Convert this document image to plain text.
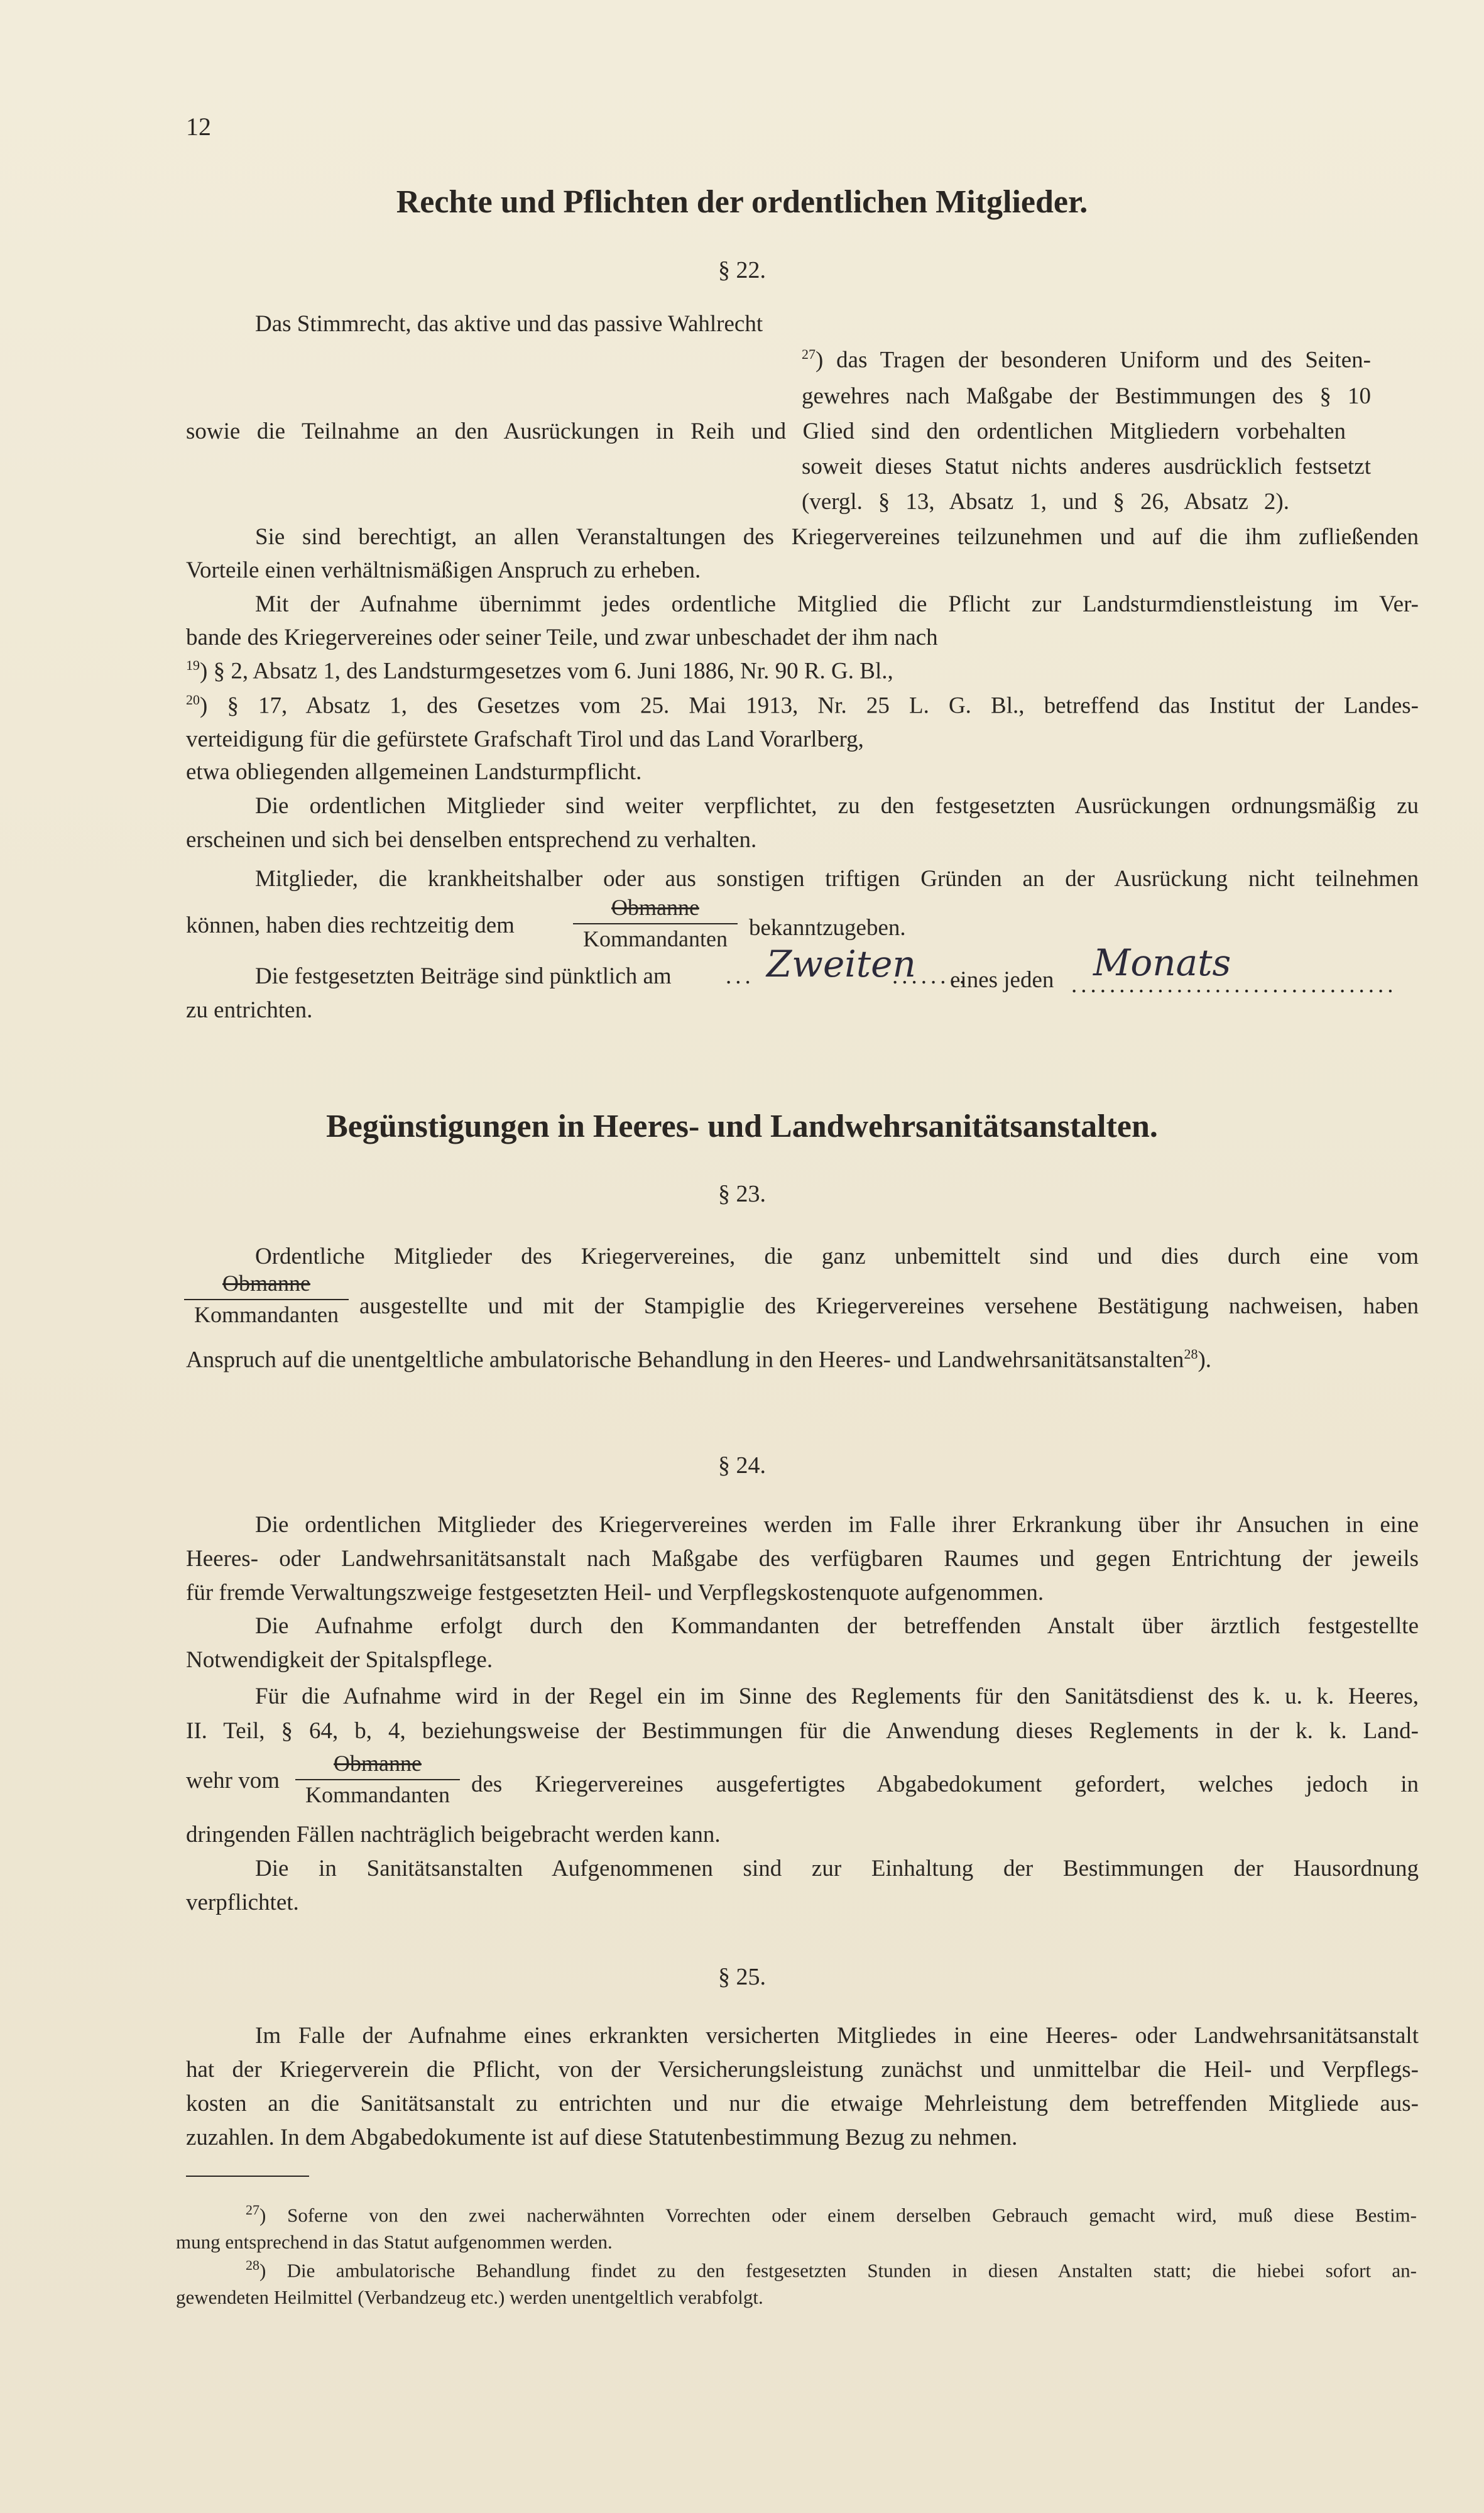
12
Rechte und Pflichten der ordentlichen Mitglieder.
§ 22.
Das Stimmrecht, das aktive und das passive Wahlrecht
$^{27}$) das Tragen der besonderen Uniform und des Seiten-
gewehres nach Maßgabe der Bestimmungen des § 10
sowie die Teilnahme an den Ausrückungen in Reih und Glied sind den ordentlichen Mitgliedern vorbehalten
soweit dieses Statut nichts anderes ausdrücklich festsetzt
(vergl. § 13, Absatz 1, und § 26, Absatz 2).
Sie sind berechtigt, an allen Veranstaltungen des Kriegervereines teilzunehmen und auf die ihm zufließenden
Vorteile einen verhältnismäßigen Anspruch zu erheben.
Mit der Aufnahme übernimmt jedes ordentliche Mitglied die Pflicht zur Landsturmdienstleistung im Ver-
bande des Kriegervereines oder seiner Teile, und zwar unbeschadet der ihm nach
$^{19}$) § 2, Absatz 1, des Landsturmgesetzes vom 6. Juni 1886, Nr. 90 R. G. Bl.,
$^{20}$) § 17, Absatz 1, des Gesetzes vom 25. Mai 1913, Nr. 25 L. G. Bl., betreffend das Institut der Landes-
verteidigung für die gefürstete Grafschaft Tirol und das Land Vorarlberg,
etwa obliegenden allgemeinen Landsturmpflicht.
Die ordentlichen Mitglieder sind weiter verpflichtet, zu den festgesetzten Ausrückungen ordnungsmäßig zu
erscheinen und sich bei denselben entsprechend zu verhalten.
Mitglieder, die krankheitshalber oder aus sonstigen triftigen Gründen an der Ausrückung nicht teilnehmen
können, haben dies rechtzeitig dem
Obmanne
Kommandanten bekanntzugeben.
Die festgesetzten Beiträge sind pünktlich am ... Zweiten
........
eines jeden ..................................
Monats
zu entrichten.
Begünstigungen in Heeres- und Landwehrsanitätsanstalten.
§ 23.
Ordentliche Mitglieder des Kriegervereines, die ganz unbemittelt sind und dies durch eine vom
Obmanne
Kommandanten ausgestellte und mit der Stampiglie des Kriegervereines versehene Bestätigung nachweisen, haben
Anspruch auf die unentgeltliche ambulatorische Behandlung in den Heeres- und Landwehrsanitätsanstalten$^{28}$).
§ 24.
Die ordentlichen Mitglieder des Kriegervereines werden im Falle ihrer Erkrankung über ihr Ansuchen in eine
Heeres- oder Landwehrsanitätsanstalt nach Maßgabe des verfügbaren Raumes und gegen Entrichtung der jeweils
für fremde Verwaltungszweige festgesetzten Heil- und Verpflegskostenquote aufgenommen.
Die Aufnahme erfolgt durch den Kommandanten der betreffenden Anstalt über ärztlich festgestellte
Notwendigkeit der Spitalspflege.
Für die Aufnahme wird in der Regel ein im Sinne des Reglements für den Sanitätsdienst des k. u. k. Heeres,
II. Teil, § 64, b, 4, beziehungsweise der Bestimmungen für die Anwendung dieses Reglements in der k. k. Land-
wehr vom
Obmanne
Kommandanten des Kriegervereines ausgefertigtes Abgabedokument gefordert, welches jedoch in
dringenden Fällen nachträglich beigebracht werden kann.
Die in Sanitätsanstalten Aufgenommenen sind zur Einhaltung der Bestimmungen der Hausordnung
verpflichtet.
§ 25.
Im Falle der Aufnahme eines erkrankten versicherten Mitgliedes in eine Heeres- oder Landwehrsanitätsanstalt
hat der Kriegerverein die Pflicht, von der Versicherungsleistung zunächst und unmittelbar die Heil- und Verpflegs-
kosten an die Sanitätsanstalt zu entrichten und nur die etwaige Mehrleistung dem betreffenden Mitgliede aus-
zuzahlen. In dem Abgabedokumente ist auf diese Statutenbestimmung Bezug zu nehmen.
$^{27}$) Soferne von den zwei nacherwähnten Vorrechten oder einem derselben Gebrauch gemacht wird, muß diese Bestim-
mung entsprechend in das Statut aufgenommen werden.
$^{28}$) Die ambulatorische Behandlung findet zu den festgesetzten Stunden in diesen Anstalten statt; die hiebei sofort an-
gewendeten Heilmittel (Verbandzeug etc.) werden unentgeltlich verabfolgt.
